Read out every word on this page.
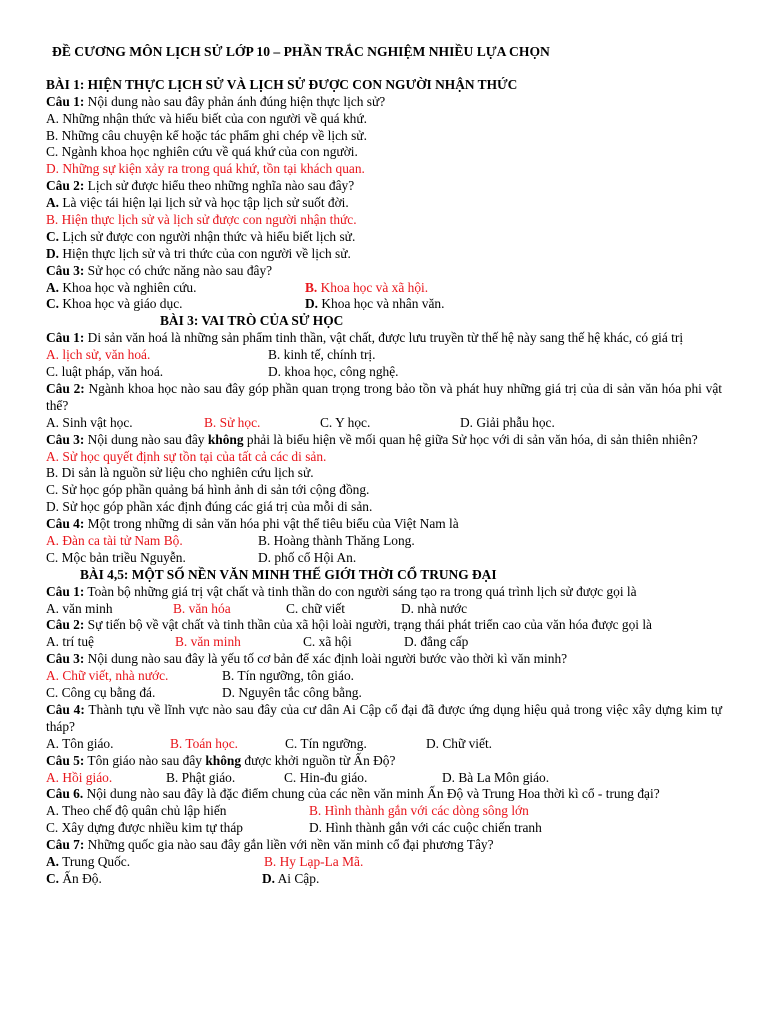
ĐỀ CƯƠNG MÔN LỊCH SỬ LỚP 10 – PHẦN TRẮC NGHIỆM NHIỀU LỰA CHỌN
BÀI 1: HIỆN THỰC LỊCH SỬ VÀ LỊCH SỬ ĐƯỢC CON NGƯỜI NHẬN THỨC
Câu 1: Nội dung nào sau đây phản ánh đúng hiện thực lịch sử?
A. Những nhận thức và hiểu biết của con người về quá khứ.
B. Những câu chuyện kể hoặc tác phẩm ghi chép về lịch sử.
C. Ngành khoa học nghiên cứu về quá khứ của con người.
D. Những sự kiện xảy ra trong quá khứ, tồn tại khách quan.
Câu 2: Lịch sử được hiểu theo những nghĩa nào sau đây?
A. Là việc tái hiện lại lịch sử và học tập lịch sử suốt đời.
B. Hiện thực lịch sử và lịch sử được con người nhận thức.
C. Lịch sử được con người nhận thức và hiểu biết lịch sử.
D. Hiện thực lịch sử và tri thức của con người về lịch sử.
Câu 3: Sử học có chức năng nào sau đây?
A. Khoa học và nghiên cứu.	B. Khoa học và xã hội.
C. Khoa học và giáo dục.	D. Khoa học và nhân văn.
BÀI 3: VAI TRÒ CỦA SỬ HỌC
Câu 1: Di sản văn hoá là những sản phẩm tinh thần, vật chất, được lưu truyền từ thế hệ này sang thế hệ khác, có giá trị
A. lịch sử, văn hoá.	B. kinh tế, chính trị.
C. luật pháp, văn hoá.	D. khoa học, công nghệ.
Câu 2: Ngành khoa học nào sau đây góp phần quan trọng trong bảo tồn và phát huy những giá trị của di sản văn hóa phi vật thể?
A. Sinh vật học.	B. Sử học.	C. Y học.	D. Giải phẫu học.
Câu 3: Nội dung nào sau đây không phải là biểu hiện về mối quan hệ giữa Sử học với di sản văn hóa, di sản thiên nhiên?
A. Sử học quyết định sự tồn tại của tất cả các di sản.
B. Di sản là nguồn sử liệu cho nghiên cứu lịch sử.
C. Sử học góp phần quảng bá hình ảnh di sản tới cộng đồng.
D. Sử học góp phần xác định đúng các giá trị của mỗi di sản.
Câu 4: Một trong những di sản văn hóa phi vật thể tiêu biểu của Việt Nam là
A. Đàn ca tài tử Nam Bộ.	B. Hoàng thành Thăng Long.
C. Mộc bản triều Nguyễn.	D. phố cổ Hội An.
BÀI 4,5: MỘT SỐ NỀN VĂN MINH THẾ GIỚI THỜI CỔ TRUNG ĐẠI
Câu 1: Toàn bộ những giá trị vật chất và tinh thần do con người sáng tạo ra trong quá trình lịch sử được gọi là
A. văn minh	B. văn hóa	C. chữ viết	D. nhà nước
Câu 2: Sự tiến bộ về vật chất và tinh thần của xã hội loài người, trạng thái phát triển cao của văn hóa được gọi là
A. trí tuệ	B. văn minh	C. xã hội	D. đẳng cấp
Câu 3: Nội dung nào sau đây là yếu tố cơ bản để xác định loài người bước vào thời kì văn minh?
A. Chữ viết, nhà nước.	B. Tín ngưỡng, tôn giáo.
C. Công cụ bằng đá.	D. Nguyên tắc công bằng.
Câu 4: Thành tựu về lĩnh vực nào sau đây của cư dân Ai Cập cổ đại đã được ứng dụng hiệu quả trong việc xây dựng kim tự tháp?
A. Tôn giáo.	B. Toán học.	C. Tín ngưỡng.	D. Chữ viết.
Câu 5: Tôn giáo nào sau đây không được khởi nguồn từ Ấn Độ?
A. Hồi giáo.	B. Phật giáo.	C. Hin-đu giáo.	D. Bà La Môn giáo.
Câu 6. Nội dung nào sau đây là đặc điểm chung của các nền văn minh Ấn Độ và Trung Hoa thời kì cổ - trung đại?
A. Theo chế độ quân chủ lập hiến	B. Hình thành gắn với các dòng sông lớn
C. Xây dựng được nhiều kim tự tháp	D. Hình thành gắn với các cuộc chiến tranh
Câu 7: Những quốc gia nào sau đây gắn liền với nền văn minh cổ đại phương Tây?
A. Trung Quốc.	B. Hy Lạp-La Mã.
C. Ấn Độ.	D. Ai Cập.
